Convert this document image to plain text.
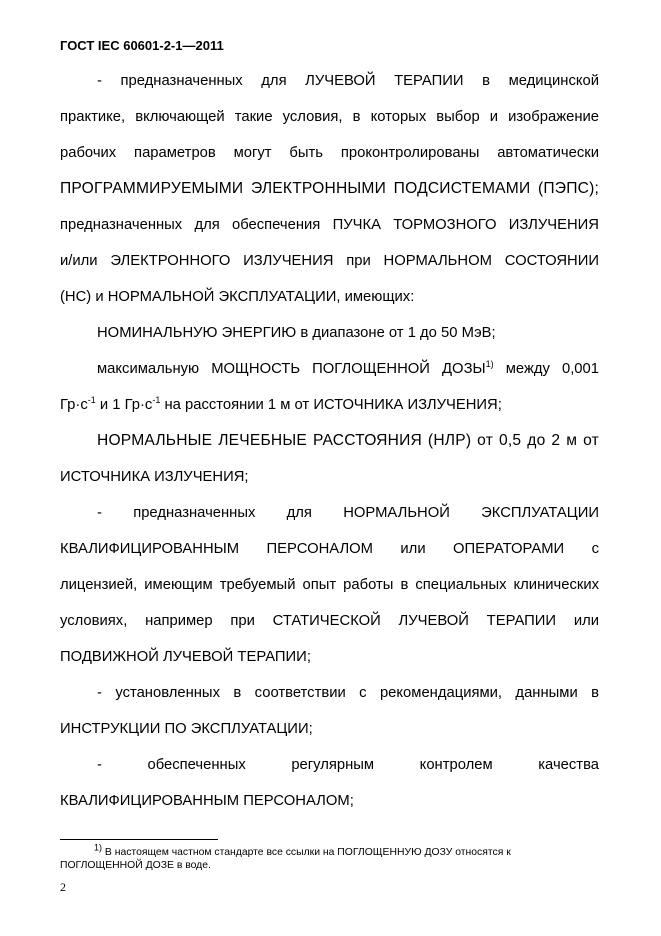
ГОСТ IEC 60601-2-1—2011
- предназначенных для ЛУЧЕВОЙ ТЕРАПИИ в медицинской
практике, включающей такие условия, в которых выбор и изображение
рабочих параметров могут быть проконтролированы автоматически
ПРОГРАММИРУЕМЫМИ ЭЛЕКТРОННЫМИ ПОДСИСТЕМАМИ (ПЭПС);
предназначенных для обеспечения ПУЧКА ТОРМОЗНОГО ИЗЛУЧЕНИЯ
и/или ЭЛЕКТРОННОГО ИЗЛУЧЕНИЯ при НОРМАЛЬНОМ СОСТОЯНИИ
(НС) и НОРМАЛЬНОЙ ЭКСПЛУАТАЦИИ, имеющих:
НОМИНАЛЬНУЮ ЭНЕРГИЮ в диапазоне от 1 до 50 МэВ;
максимальную МОЩНОСТЬ ПОГЛОЩЕННОЙ ДОЗЫ$^{1)}$ между 0,001
$Гр\cdot с^{-1}$ и 1 $Гр\cdot с^{-1}$ на расстоянии 1 м от ИСТОЧНИКА ИЗЛУЧЕНИЯ;
НОРМАЛЬНЫЕ ЛЕЧЕБНЫЕ РАССТОЯНИЯ (НЛР) от 0,5 до 2 м от
ИСТОЧНИКА ИЗЛУЧЕНИЯ;
- предназначенных для НОРМАЛЬНОЙ ЭКСПЛУАТАЦИИ
КВАЛИФИЦИРОВАННЫМ ПЕРСОНАЛОМ или ОПЕРАТОРАМИ с
лицензией, имеющим требуемый опыт работы в специальных клинических
условиях, например при СТАТИЧЕСКОЙ ЛУЧЕВОЙ ТЕРАПИИ или
ПОДВИЖНОЙ ЛУЧЕВОЙ ТЕРАПИИ;
- установленных в соответствии с рекомендациями, данными в
ИНСТРУКЦИИ ПО ЭКСПЛУАТАЦИИ;
- обеспеченных регулярным контролем качества
КВАЛИФИЦИРОВАННЫМ ПЕРСОНАЛОМ;
$^{1)}$ В настоящем частном стандарте все ссылки на ПОГЛОЩЕННУЮ ДОЗУ относятся к
ПОГЛОЩЕННОЙ ДОЗЕ в воде.
2
